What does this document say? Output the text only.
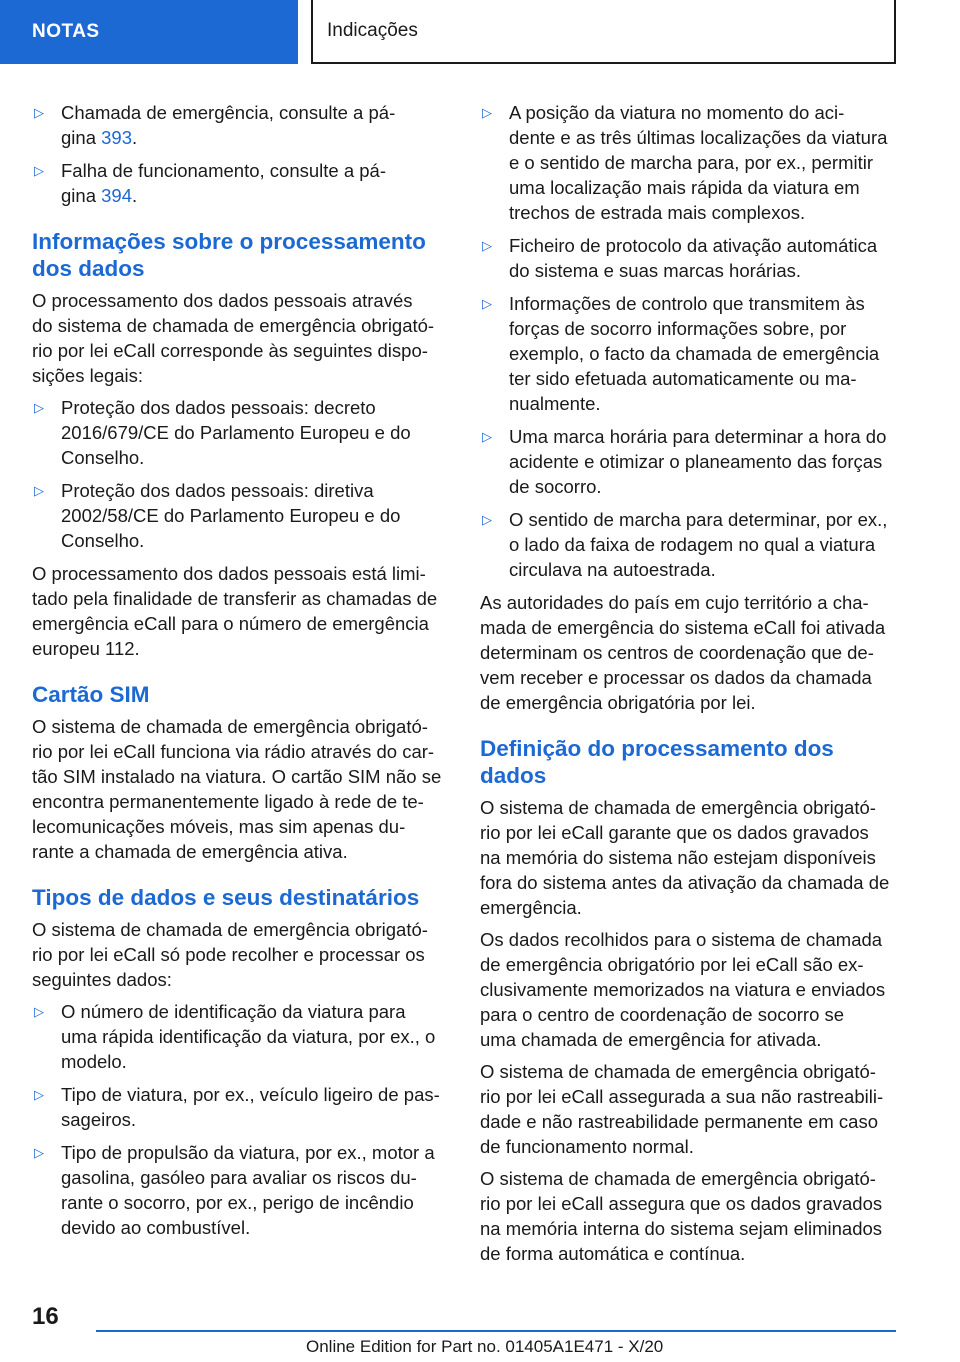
NOTAS	Indicações
▷ Chamada de emergência, consulte a pá-
gina 393.
▷ Falha de funcionamento, consulte a pá-
gina 394.
Informações sobre o processamento
dos dados
O processamento dos dados pessoais através
do sistema de chamada de emergência obrigató-
rio por lei eCall corresponde às seguintes dispo-
sições legais:
▷ Proteção dos dados pessoais: decreto
2016/679/CE do Parlamento Europeu e do
Conselho.
▷ Proteção dos dados pessoais: diretiva
2002/58/CE do Parlamento Europeu e do
Conselho.
O processamento dos dados pessoais está limi-
tado pela finalidade de transferir as chamadas de
emergência eCall para o número de emergência
europeu 112.
Cartão SIM
O sistema de chamada de emergência obrigató-
rio por lei eCall funciona via rádio através do car-
tão SIM instalado na viatura. O cartão SIM não se
encontra permanentemente ligado à rede de te-
lecomunicações móveis, mas sim apenas du-
rante a chamada de emergência ativa.
Tipos de dados e seus destinatários
O sistema de chamada de emergência obrigató-
rio por lei eCall só pode recolher e processar os
seguintes dados:
▷ O número de identificação da viatura para
uma rápida identificação da viatura, por ex., o
modelo.
▷ Tipo de viatura, por ex., veículo ligeiro de pas-
sageiros.
▷ Tipo de propulsão da viatura, por ex., motor a
gasolina, gasóleo para avaliar os riscos du-
rante o socorro, por ex., perigo de incêndio
devido ao combustível.
▷ A posição da viatura no momento do aci-
dente e as três últimas localizações da viatura
e o sentido de marcha para, por ex., permitir
uma localização mais rápida da viatura em
trechos de estrada mais complexos.
▷ Ficheiro de protocolo da ativação automática
do sistema e suas marcas horárias.
▷ Informações de controlo que transmitem às
forças de socorro informações sobre, por
exemplo, o facto da chamada de emergência
ter sido efetuada automaticamente ou ma-
nualmente.
▷ Uma marca horária para determinar a hora do
acidente e otimizar o planeamento das forças
de socorro.
▷ O sentido de marcha para determinar, por ex.,
o lado da faixa de rodagem no qual a viatura
circulava na autoestrada.
As autoridades do país em cujo território a cha-
mada de emergência do sistema eCall foi ativada
determinam os centros de coordenação que de-
vem receber e processar os dados da chamada
de emergência obrigatória por lei.
Definição do processamento dos
dados
O sistema de chamada de emergência obrigató-
rio por lei eCall garante que os dados gravados
na memória do sistema não estejam disponíveis
fora do sistema antes da ativação da chamada de
emergência.
Os dados recolhidos para o sistema de chamada
de emergência obrigatório por lei eCall são ex-
clusivamente memorizados na viatura e enviados
para o centro de coordenação de socorro se
uma chamada de emergência for ativada.
O sistema de chamada de emergência obrigató-
rio por lei eCall assegurada a sua não rastreabili-
dade e não rastreabilidade permanente em caso
de funcionamento normal.
O sistema de chamada de emergência obrigató-
rio por lei eCall assegura que os dados gravados
na memória interna do sistema sejam eliminados
de forma automática e contínua.
16
Online Edition for Part no. 01405A1E471 - X/20
